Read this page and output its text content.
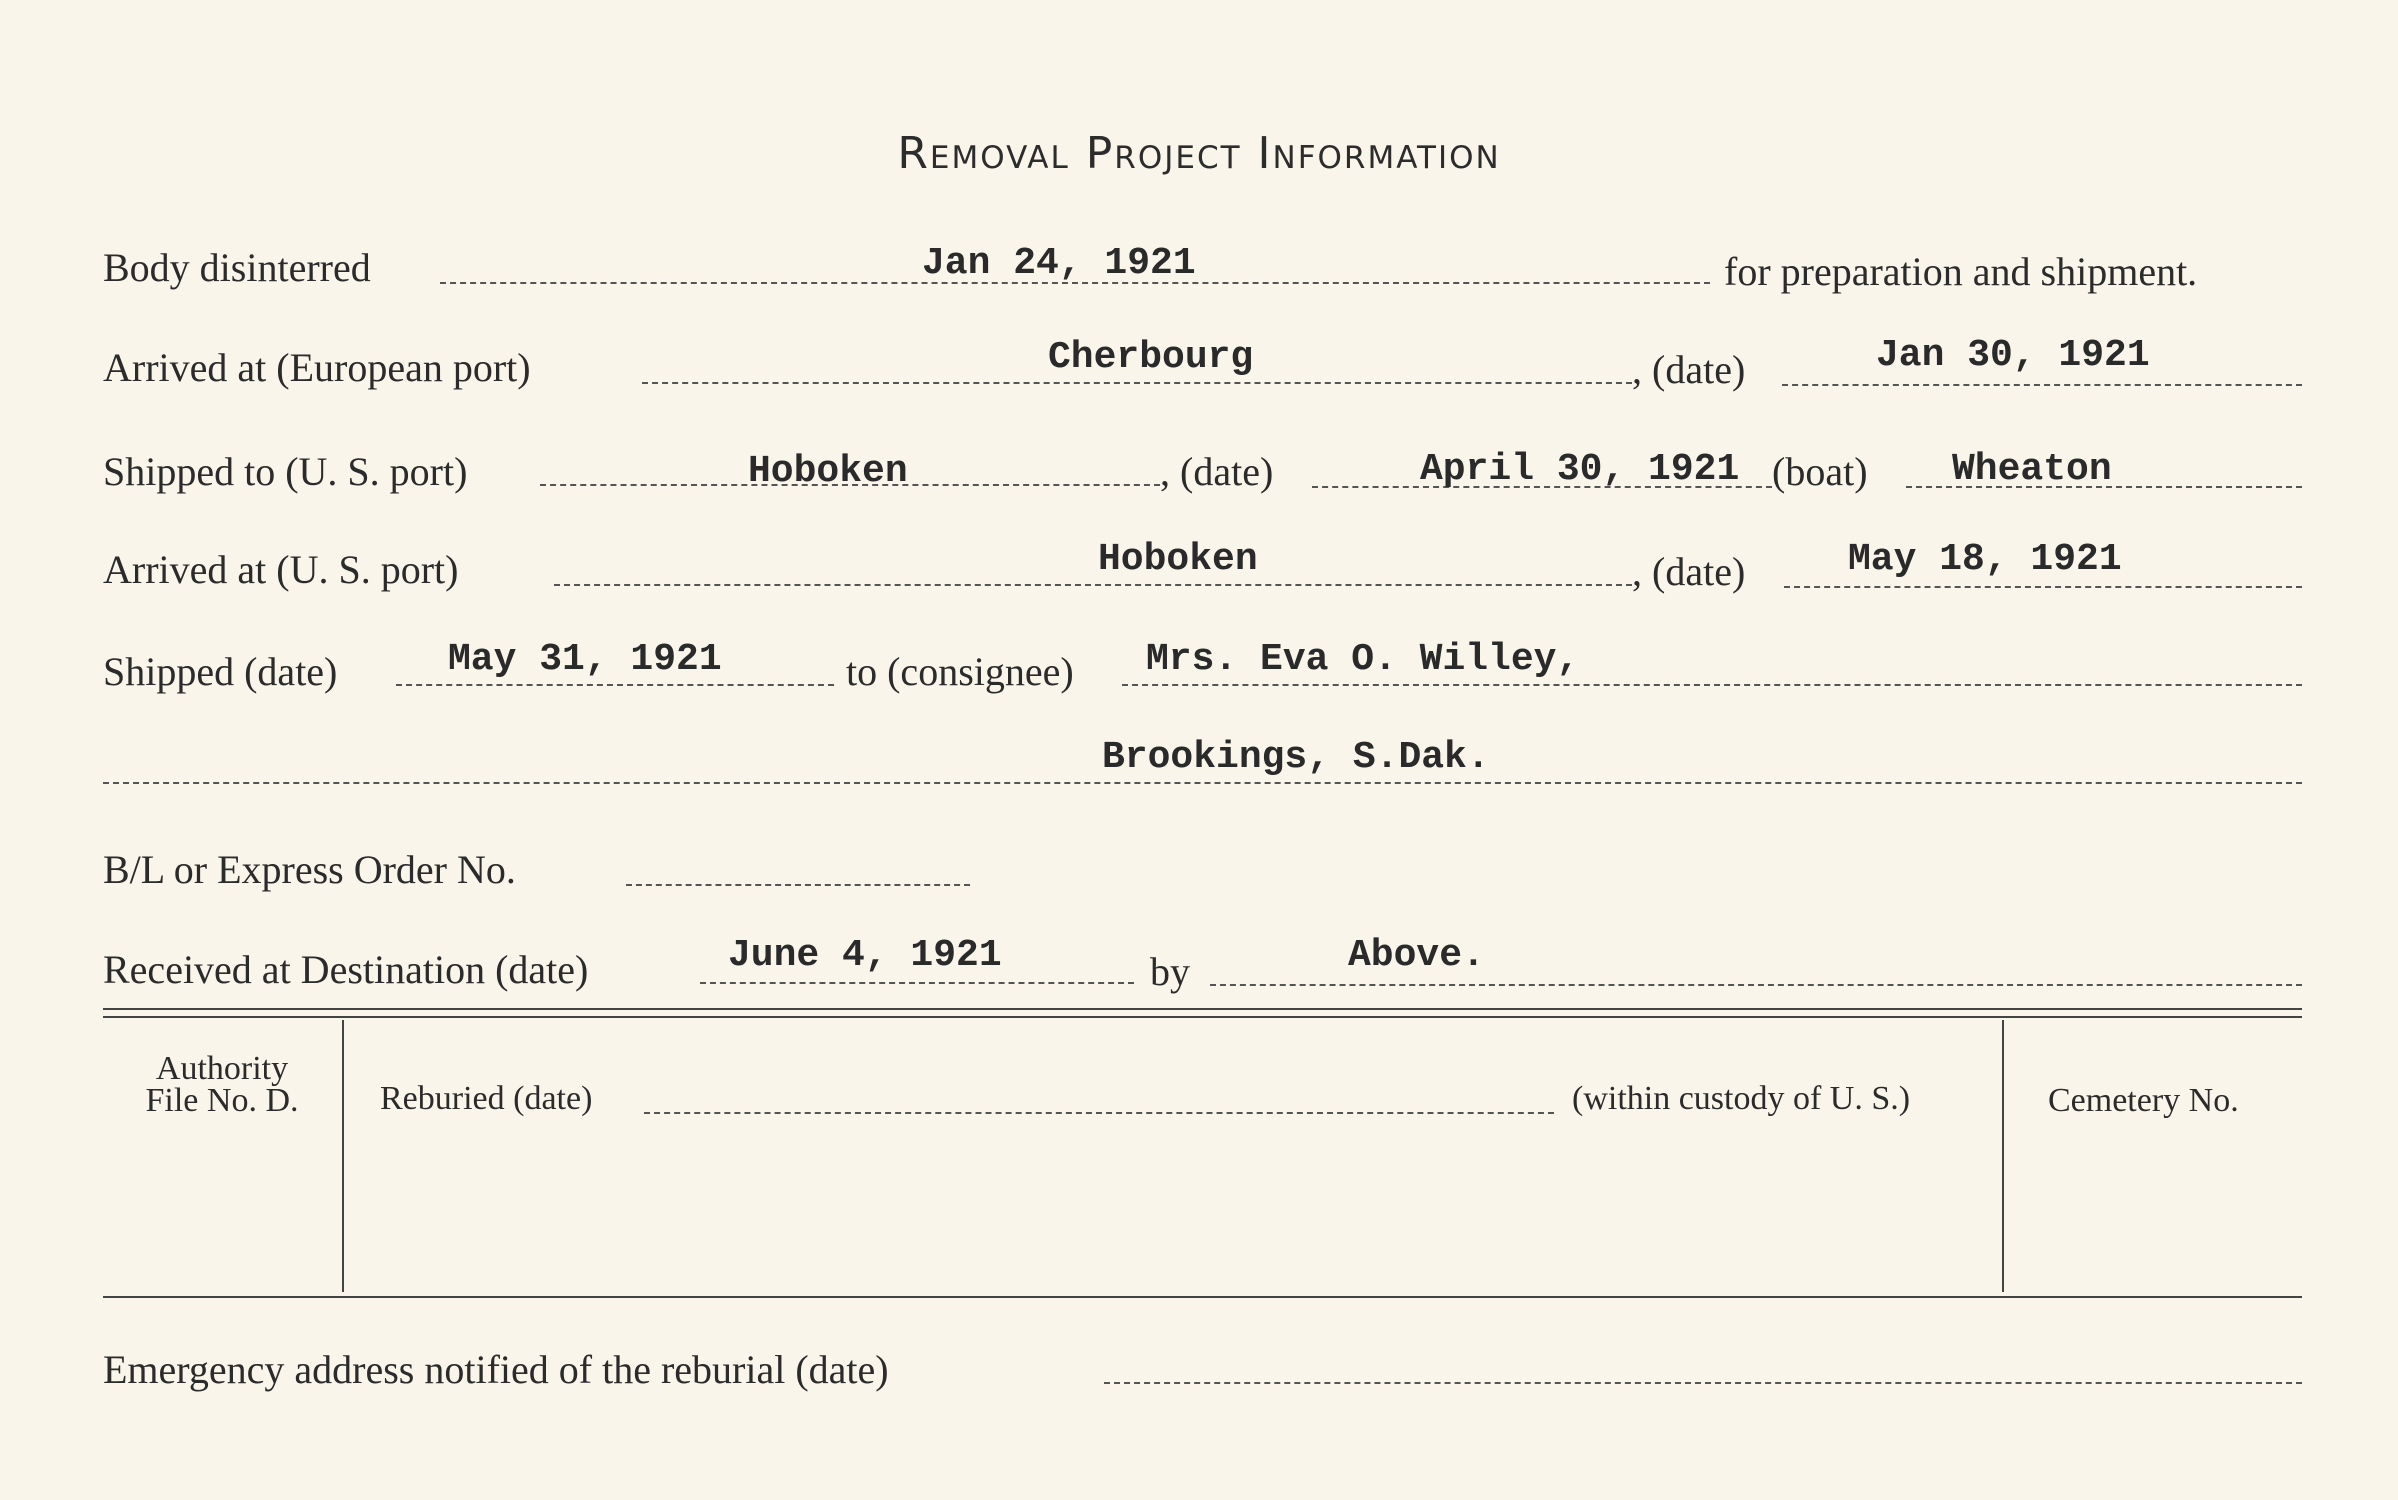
Removal Project Information
Body disinterred	Jan 24, 1921	for preparation and shipment.
Arrived at (European port)	Cherbourg	, (date)	Jan 30, 1921
Shipped to (U. S. port)	Hoboken	, (date)	April 30, 1921 (boat) Wheaton
Arrived at (U. S. port)	Hoboken	, (date)	May 18, 1921
Shipped (date)	May 31, 1921	to (consignee) Mrs. Eva O. Willey,
Brookings, S.Dak.
B/L or Express Order No.
Received at Destination (date)	June 4, 1921	by	Above.
Authority
File No. D.	Reburied (date)	(within custody of U. S.)	Cemetery No.
Emergency address notified of the reburial (date)
